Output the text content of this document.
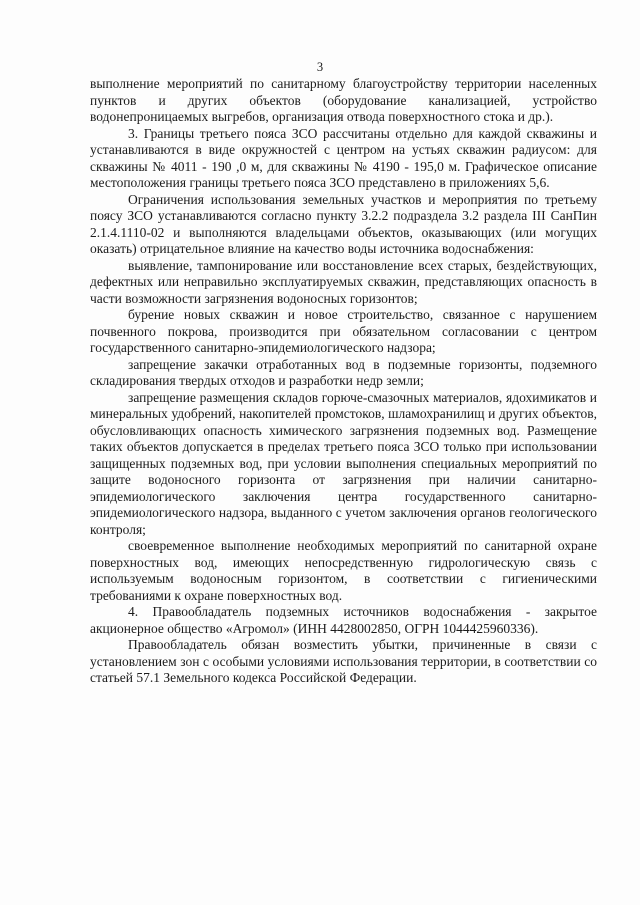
3

выполнение мероприятий по санитарному благоустройству территории населенных пунктов и других объектов (оборудование канализацией, устройство водонепроницаемых выгребов, организация отвода поверхностного стока и др.).

3. Границы третьего пояса ЗСО рассчитаны отдельно для каждой скважины и устанавливаются в виде окружностей с центром на устьях скважин радиусом: для скважины № 4011 - 190 ,0 м, для скважины № 4190 - 195,0 м. Графическое описание местоположения границы третьего пояса ЗСО представлено в приложениях 5,6.

Ограничения использования земельных участков и мероприятия по третьему поясу ЗСО устанавливаются согласно пункту 3.2.2 подраздела 3.2 раздела III СанПин 2.1.4.1110-02 и выполняются владельцами объектов, оказывающих (или могущих оказать) отрицательное влияние на качество воды источника водоснабжения:

выявление, тампонирование или восстановление всех старых, бездействующих, дефектных или неправильно эксплуатируемых скважин, представляющих опасность в части возможности загрязнения водоносных горизонтов;

бурение новых скважин и новое строительство, связанное с нарушением почвенного покрова, производится при обязательном согласовании с центром государственного санитарно-эпидемиологического надзора;

запрещение закачки отработанных вод в подземные горизонты, подземного складирования твердых отходов и разработки недр земли;

запрещение размещения складов горюче-смазочных материалов, ядохимикатов и минеральных удобрений, накопителей промстоков, шламохранилищ и других объектов, обусловливающих опасность химического загрязнения подземных вод. Размещение таких объектов допускается в пределах третьего пояса ЗСО только при использовании защищенных подземных вод, при условии выполнения специальных мероприятий по защите водоносного горизонта от загрязнения при наличии санитарно-эпидемиологического заключения центра государственного санитарно-эпидемиологического надзора, выданного с учетом заключения органов геологического контроля;

своевременное выполнение необходимых мероприятий по санитарной охране поверхностных вод, имеющих непосредственную гидрологическую связь с используемым водоносным горизонтом, в соответствии с гигиеническими требованиями к охране поверхностных вод.

4. Правообладатель подземных источников водоснабжения - закрытое акционерное общество «Агромол» (ИНН 4428002850, ОГРН 1044425960336).

Правообладатель обязан возместить убытки, причиненные в связи с установлением зон с особыми условиями использования территории, в соответствии со статьей 57.1 Земельного кодекса Российской Федерации.
